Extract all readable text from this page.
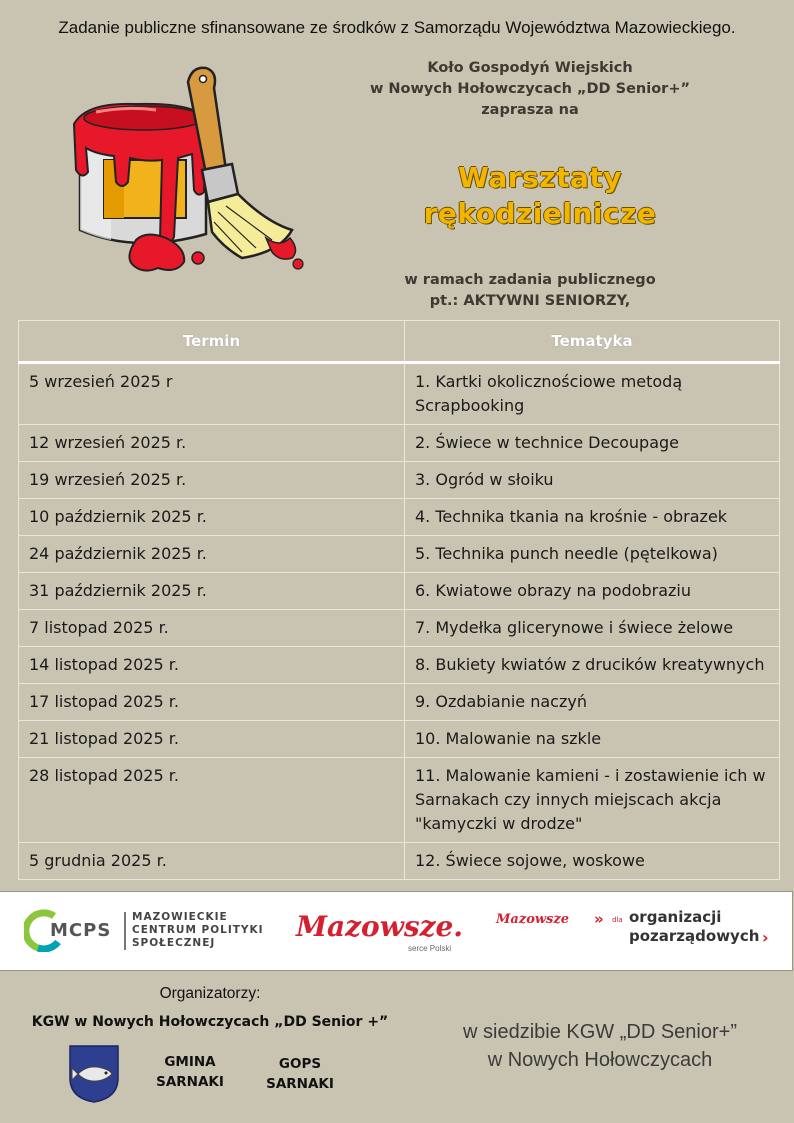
Zadanie publiczne sfinansowane ze środków z Samorządu Województwa Mazowieckiego.
Koło Gospodyń Wiejskich
w Nowych Hołowczycach „DD Senior+”
zaprasza na
Warsztaty
rękodzielnicze
w ramach zadania publicznego
pt.: AKTYWNI SENIORZY,
Termin	Tematyka
5 wrzesień 2025 r	1. Kartki okolicznościowe metodą Scrapbooking
12 wrzesień 2025 r.	2. Świece w technice Decoupage
19 wrzesień 2025 r.	3. Ogród w słoiku
10 październik 2025 r.	4. Technika tkania na krośnie - obrazek
24 październik 2025 r.	5. Technika punch needle (pętelkowa)
31 październik 2025 r.	6. Kwiatowe obrazy na podobraziu
7 listopad 2025 r.	7. Mydełka glicerynowe i świece żelowe
14 listopad 2025 r.	8. Bukiety kwiatów z drucików kreatywnych
17 listopad 2025 r.	9. Ozdabianie naczyń
21 listopad 2025 r.	10. Malowanie na szkle
28 listopad 2025 r.	11. Malowanie kamieni - i zostawienie ich w Sarnakach czy innych miejscach akcja "kamyczki w drodze"
5 grudnia 2025 r.	12. Świece sojowe, woskowe
MCPS
MAZOWIECKIE
CENTRUM POLITYKI
SPOŁECZNEJ	Mazowsze.
serce Polski
Mazowsze » dla organizacji
pozarządowych ›
Organizatorzy:
KGW w Nowych Hołowczycach „DD Senior +”
GMINA
SARNAKI
GOPS
SARNAKI
w siedzibie KGW „DD Senior+”
w Nowych Hołowczycach
